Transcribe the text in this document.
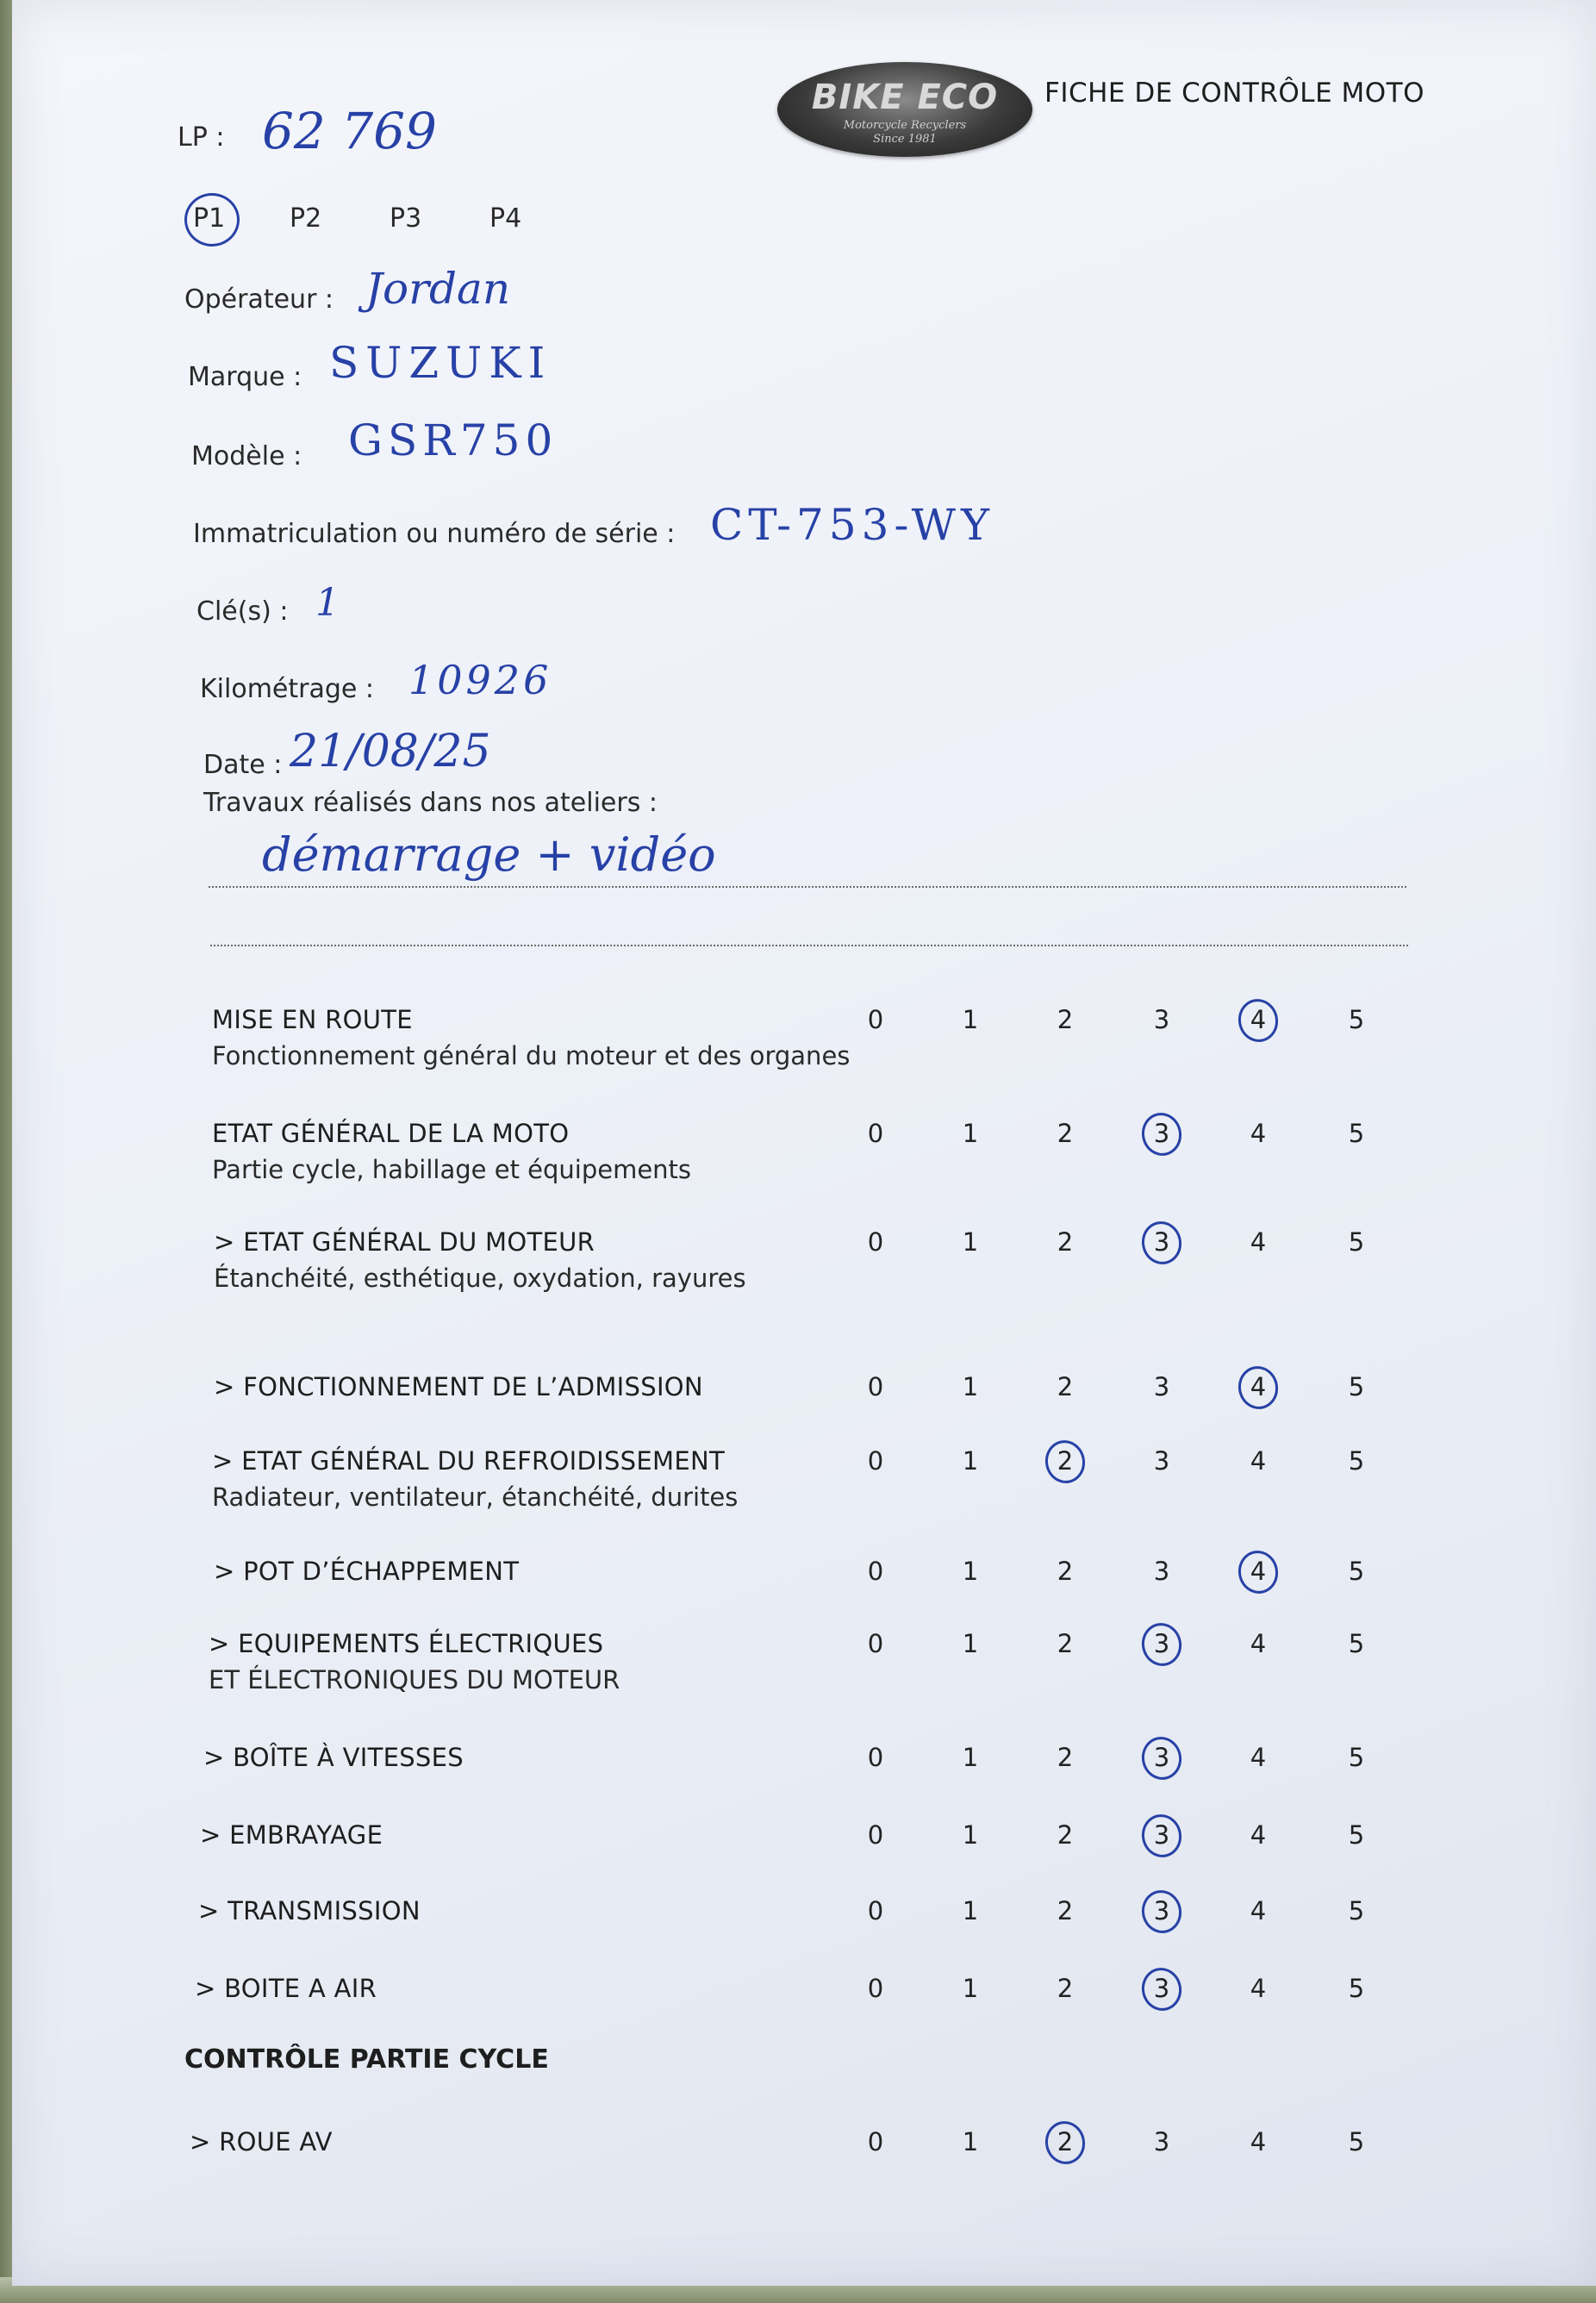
BIKE ECO
Motorcycle Recyclers
Since 1981
FICHE DE CONTRÔLE MOTO
LP : 62 769
P1 P2	P3	P4
Opérateur : Jordan
Marque : SUZUKI
Modèle : GSR750
Immatriculation ou numéro de série : CT-753-WY
Clé(s) : 1
Kilométrage : 10926
Date : 21/08/25
Travaux réalisés dans nos ateliers :
démarrage + vidéo
MISE EN ROUTE
Fonctionnement général du moteur et des organes
0	1	2	3	4	5
ETAT GÉNÉRAL DE LA MOTO
Partie cycle, habillage et équipements
0	1	2	3	4	5
> ETAT GÉNÉRAL DU MOTEUR
Étanchéité, esthétique, oxydation, rayures
0	1	2	3	4	5
> FONCTIONNEMENT DE L’ADMISSION	0	1	2	3	4	5
> ETAT GÉNÉRAL DU REFROIDISSEMENT
Radiateur, ventilateur, étanchéité, durites
0	1	2	3	4	5
> POT D’ÉCHAPPEMENT	0	1	2	3	4	5
> EQUIPEMENTS ÉLECTRIQUES
ET ÉLECTRONIQUES DU MOTEUR
0	1	2	3	4	5
> BOÎTE À VITESSES	0	1	2	3	4	5
> EMBRAYAGE	0	1	2	3	4	5
> TRANSMISSION	0	1	2	3	4	5
> BOITE A AIR	0	1	2	3	4	5
CONTRÔLE PARTIE CYCLE
> ROUE AV	0	1	2	3	4	5
